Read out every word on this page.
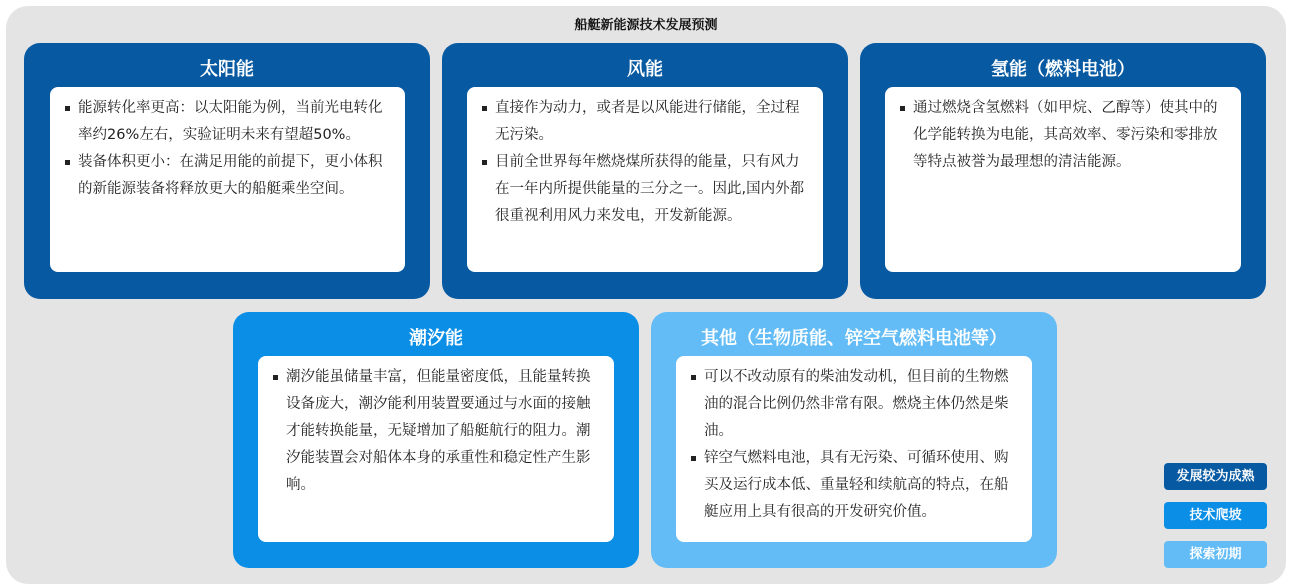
船艇新能源技术发展预测
太阳能
能源转化率更高：以太阳能为例，当前光电转化率约26%左右，实验证明未来有望超50%。
装备体积更小：在满足用能的前提下，更小体积的新能源装备将释放更大的船艇乘坐空间。
风能
直接作为动力，或者是以风能进行储能，全过程无污染。
目前全世界每年燃烧煤所获得的能量，只有风力在一年内所提供能量的三分之一。因此,国内外都很重视利用风力来发电，开发新能源。
氢能（燃料电池）
通过燃烧含氢燃料（如甲烷、乙醇等）使其中的化学能转换为电能，其高效率、零污染和零排放等特点被誉为最理想的清洁能源。
潮汐能
潮汐能虽储量丰富，但能量密度低，且能量转换设备庞大，潮汐能利用装置要通过与水面的接触才能转换能量，无疑增加了船艇航行的阻力。潮汐能装置会对船体本身的承重性和稳定性产生影响。
其他（生物质能、锌空气燃料电池等）
可以不改动原有的柴油发动机，但目前的生物燃油的混合比例仍然非常有限。燃烧主体仍然是柴油。
锌空气燃料电池，具有无污染、可循环使用、购买及运行成本低、重量轻和续航高的特点，在船艇应用上具有很高的开发研究价值。
发展较为成熟
技术爬坡
探索初期
